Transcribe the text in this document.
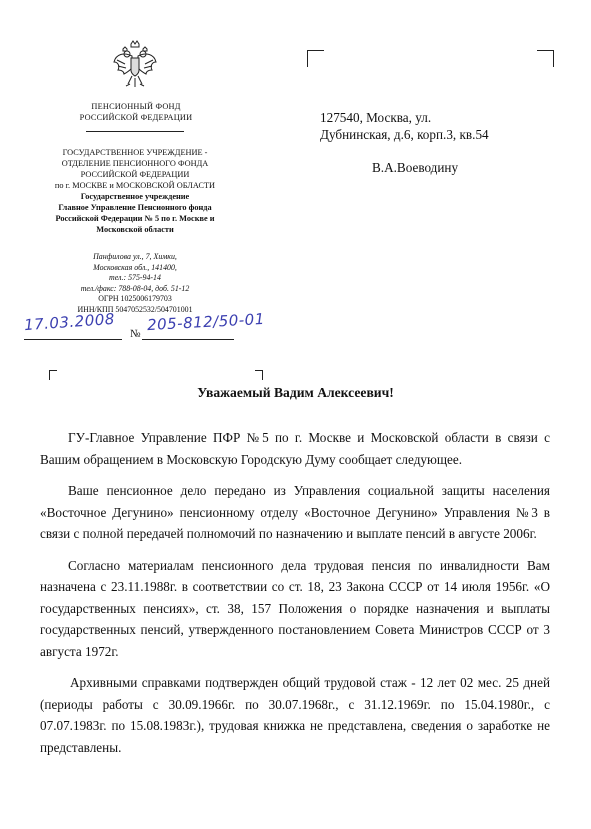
ПЕНСИОННЫЙ ФОНД
РОССИЙСКОЙ ФЕДЕРАЦИИ
ГОСУДАРСТВЕННОЕ УЧРЕЖДЕНИЕ -
ОТДЕЛЕНИЕ ПЕНСИОННОГО ФОНДА
РОССИЙСКОЙ ФЕДЕРАЦИИ
по г. МОСКВЕ и МОСКОВСКОЙ ОБЛАСТИ
Государственное учреждение
Главное Управление Пенсионного фонда
Российской Федерации № 5 по г. Москве и
Московской области
Панфилова ул., 7, Химки,
Московская обл., 141400,
тел.: 575-94-14
тел./факс: 788-08-04, доб. 51-12
ОГРН 1025006179703
ИНН/КПП 5047052532/504701001
17.03.2008 № 205-812/50-01
127540, Москва, ул.
Дубнинская, д.6, корп.3, кв.54
В.А.Воеводину
Уважаемый Вадим Алексеевич!

ГУ-Главное Управление ПФР №5 по г. Москве и Московской области в связи с Вашим обращением в Московскую Городскую Думу сообщает следующее.

Ваше пенсионное дело передано из Управления социальной защиты населения «Восточное Дегунино» пенсионному отделу «Восточное Дегунино» Управления №3 в связи с полной передачей полномочий по назначению и выплате пенсий в августе 2006г.

Согласно материалам пенсионного дела трудовая пенсия по инвалидности Вам назначена с 23.11.1988г. в соответствии со ст. 18, 23 Закона СССР от 14 июля 1956г. «О государственных пенсиях», ст. 38, 157 Положения о порядке назначения и выплаты государственных пенсий, утвержденного постановлением Совета Министров СССР от 3 августа 1972г.

Архивными справками подтвержден общий трудовой стаж - 12 лет 02 мес. 25 дней (периоды работы с 30.09.1966г. по 30.07.1968г., с 31.12.1969г. по 15.04.1980г., с 07.07.1983г. по 15.08.1983г.), трудовая книжка не представлена, сведения о заработке не представлены.
